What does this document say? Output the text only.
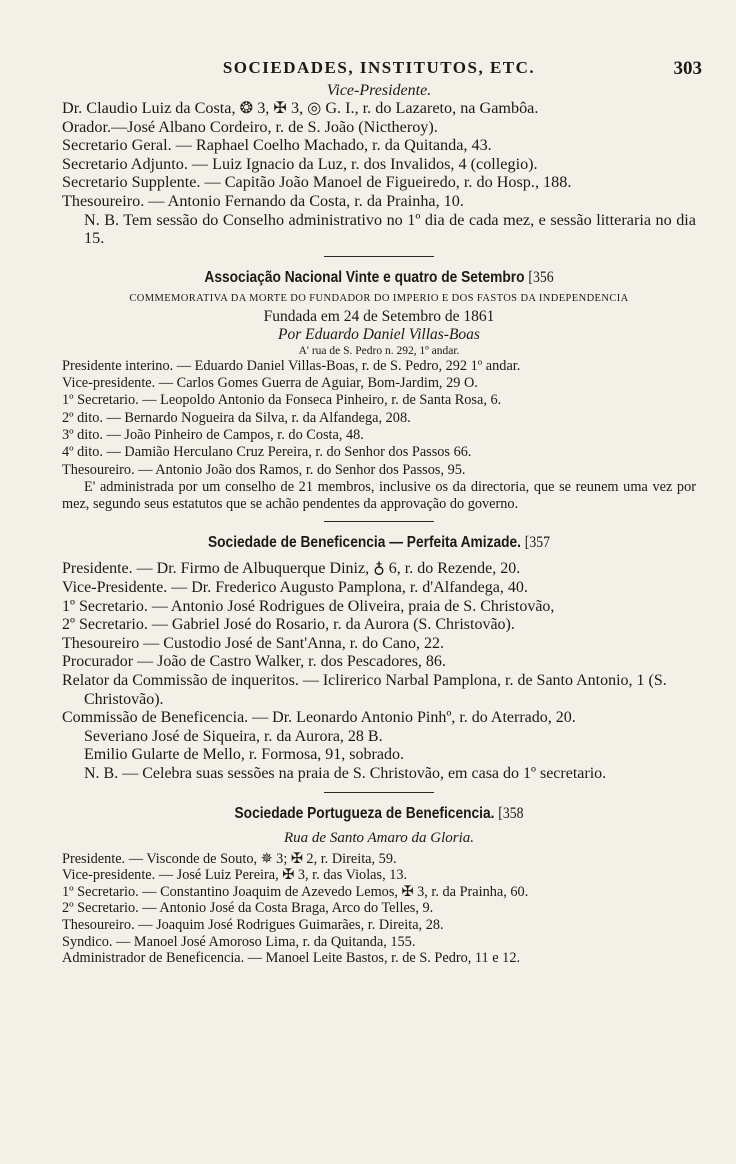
SOCIEDADES, INSTITUTOS, ETC.	303
Vice-Presidente.
Dr. Claudio Luiz da Costa, ❂ 3, ✠ 3, ◎ G. I., r. do Lazareto, na Gambôa.
Orador.—José Albano Cordeiro, r. de S. João (Nictheroy).
Secretario Geral. — Raphael Coelho Machado, r. da Quitanda, 43.
Secretario Adjunto. — Luiz Ignacio da Luz, r. dos Invalidos, 4 (collegio).
Secretario Supplente. — Capitão João Manoel de Figueiredo, r. do Hosp., 188.
Thesoureiro. — Antonio Fernando da Costa, r. da Prainha, 10.
N. B. Tem sessão do Conselho administrativo no 1º dia de cada mez, e sessão litteraria no dia 15.
Associação Nacional Vinte e quatro de Setembro [356
COMMEMORATIVA DA MORTE DO FUNDADOR DO IMPERIO E DOS FASTOS DA INDEPENDENCIA
Fundada em 24 de Setembro de 1861
Por Eduardo Daniel Villas-Boas
A' rua de S. Pedro n. 292, 1º andar.
Presidente interino. — Eduardo Daniel Villas-Boas, r. de S. Pedro, 292 1º andar.
Vice-presidente. — Carlos Gomes Guerra de Aguiar, Bom-Jardim, 29 O.
1º Secretario. — Leopoldo Antonio da Fonseca Pinheiro, r. de Santa Rosa, 6.
2º dito. — Bernardo Nogueira da Silva, r. da Alfandega, 208.
3º dito. — João Pinheiro de Campos, r. do Costa, 48.
4º dito. — Damião Herculano Cruz Pereira, r. do Senhor dos Passos 66.
Thesoureiro. — Antonio João dos Ramos, r. do Senhor dos Passos, 95.
E' administrada por um conselho de 21 membros, inclusive os da directoria, que se reunem uma vez por mez, segundo seus estatutos que se achão pendentes da approvação do governo.
Sociedade de Beneficencia — Perfeita Amizade. [357
Presidente. — Dr. Firmo de Albuquerque Diniz, ♁ 6, r. do Rezende, 20.
Vice-Presidente. — Dr. Frederico Augusto Pamplona, r. d'Alfandega, 40.
1º Secretario. — Antonio José Rodrigues de Oliveira, praia de S. Christovão,
2º Secretario. — Gabriel José do Rosario, r. da Aurora (S. Christovão).
Thesoureiro — Custodio José de Sant'Anna, r. do Cano, 22.
Procurador — João de Castro Walker, r. dos Pescadores, 86.
Relator da Commissão de inqueritos. — Iclirerico Narbal Pamplona, r. de Santo Antonio, 1 (S. Christovão).
Commissão de Beneficencia. — Dr. Leonardo Antonio Pinhº, r. do Aterrado, 20.
Severiano José de Siqueira, r. da Aurora, 28 B.
Emilio Gularte de Mello, r. Formosa, 91, sobrado.
N. B. — Celebra suas sessões na praia de S. Christovão, em casa do 1º secretario.
Sociedade Portugueza de Beneficencia. [358
Rua de Santo Amaro da Gloria.
Presidente. — Visconde de Souto, ✵ 3; ✠ 2, r. Direita, 59.
Vice-presidente. — José Luiz Pereira, ✠ 3, r. das Violas, 13.
1º Secretario. — Constantino Joaquim de Azevedo Lemos, ✠ 3, r. da Prainha, 60.
2º Secretario. — Antonio José da Costa Braga, Arco do Telles, 9.
Thesoureiro. — Joaquim José Rodrigues Guimarães, r. Direita, 28.
Syndico. — Manoel José Amoroso Lima, r. da Quitanda, 155.
Administrador de Beneficencia. — Manoel Leite Bastos, r. de S. Pedro, 11 e 12.
